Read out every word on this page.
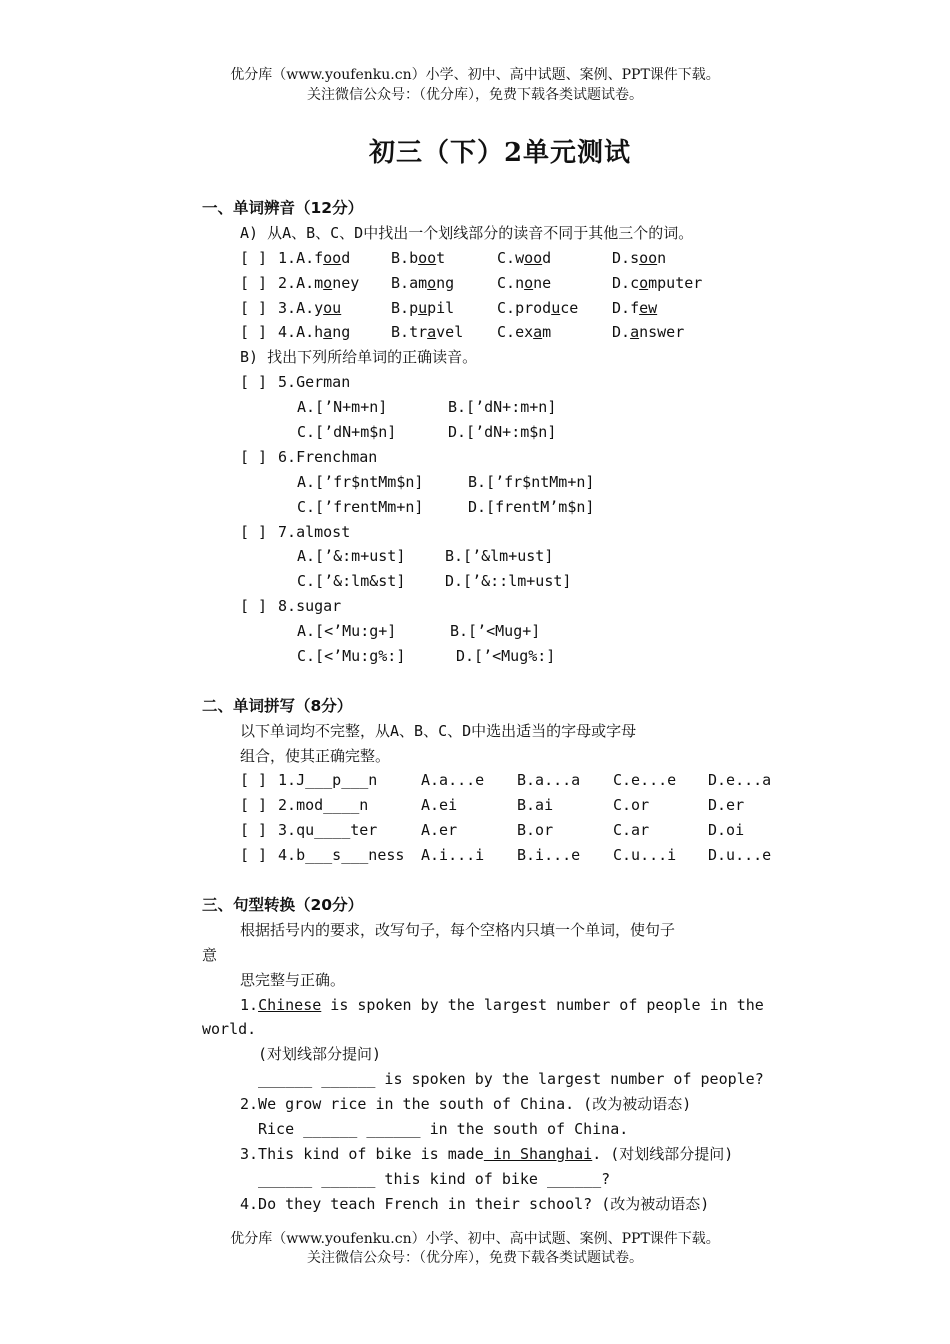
优分库（www.youfenku.cn）小学、初中、高中试题、案例、PPT课件下载。
关注微信公众号：（优分库），免费下载各类试题试卷。
初三（下）2单元测试
一、单词辨音（12分）
A) 从A、B、C、D中找出一个划线部分的读音不同于其他三个的词。
[ ] 1.A.food	B.boot	C.wood	D.soon
[ ] 2.A.money B.among	C.none	D.computer
[ ] 3.A.you	B.pupil	C.produce D.few
[ ] 4.A.hang	B.travel C.exam	D.answer
B) 找出下列所给单词的正确读音。
[ ] 5.German
A.[’N+m+n]	B.[’dN+:m+n]
C.[’dN+m$n]	D.[’dN+:m$n]
[ ] 6.Frenchman
A.[’fr$ntMm$n]	B.[’fr$ntMm+n]
C.[’frentMm+n]	D.[frentM’m$n]
[ ] 7.almost
A.[’&:m+ust]	B.[’&lm+ust]
C.[’&:lm&st]	D.[’&::lm+ust]
[ ] 8.sugar
A.[<’Mu:g+]	B.[’<Mug+]
C.[<’Mu:g%:]	D.[’<Mug%:]
二、单词拼写（8分）
以下单词均不完整，从A、B、C、D中选出适当的字母或字母
组合，使其正确完整。
[ ] 1.J___p___n	A.a...e B.a...a C.e...e D.e...a
[ ] 2.mod____n	A.ei	B.ai	C.or	D.er
[ ] 3.qu____ter	A.er	B.or	C.ar	D.oi
[ ] 4.b___s___ness A.i...i B.i...e C.u...i D.u...e
三、句型转换（20分）
根据括号内的要求，改写句子，每个空格内只填一个单词，使句子
意
思完整与正确。
1.Chinese is spoken by the largest number of people in the
world.
(对划线部分提问)
______ ______ is spoken by the largest number of people?
2.We grow rice in the south of China. (改为被动语态)
Rice ______ ______ in the south of China.
3.This kind of bike is made in Shanghai. (对划线部分提问)
______ ______ this kind of bike ______?
4.Do they teach French in their school? (改为被动语态)
优分库（www.youfenku.cn）小学、初中、高中试题、案例、PPT课件下载。
关注微信公众号：（优分库），免费下载各类试题试卷。
